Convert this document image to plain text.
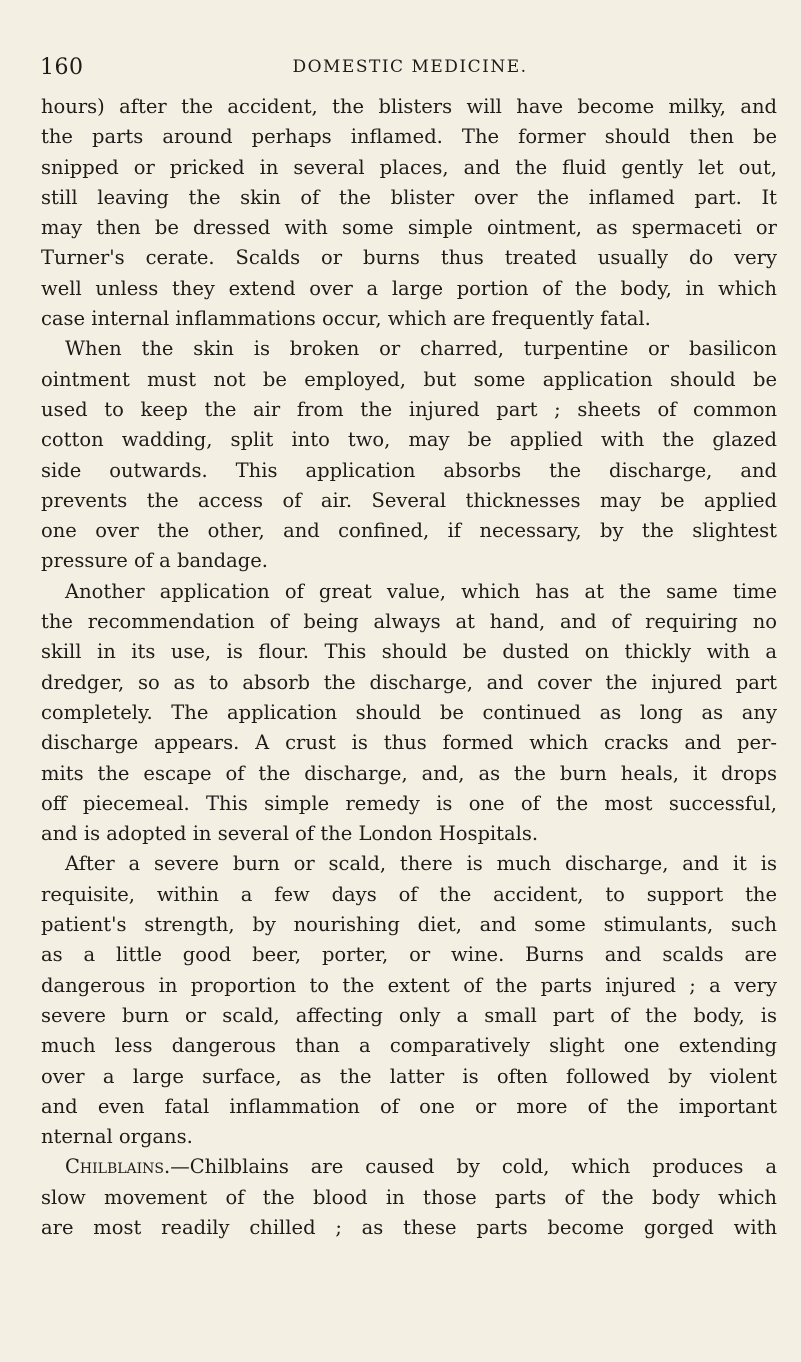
160	DOMESTIC MEDICINE.
hours) after the accident, the blisters will have become milky, and
the parts around perhaps inflamed. The former should then be
snipped or pricked in several places, and the fluid gently let out,
still leaving the skin of the blister over the inflamed part. It
may then be dressed with some simple ointment, as spermaceti or
Turner's cerate. Scalds or burns thus treated usually do very
well unless they extend over a large portion of the body, in which
case internal inflammations occur, which are frequently fatal.
When the skin is broken or charred, turpentine or basilicon
ointment must not be employed, but some application should be
used to keep the air from the injured part ; sheets of common
cotton wadding, split into two, may be applied with the glazed
side outwards. This application absorbs the discharge, and
prevents the access of air. Several thicknesses may be applied
one over the other, and confined, if necessary, by the slightest
pressure of a bandage.
Another application of great value, which has at the same time
the recommendation of being always at hand, and of requiring no
skill in its use, is flour. This should be dusted on thickly with a
dredger, so as to absorb the discharge, and cover the injured part
completely. The application should be continued as long as any
discharge appears. A crust is thus formed which cracks and per-
mits the escape of the discharge, and, as the burn heals, it drops
off piecemeal. This simple remedy is one of the most successful,
and is adopted in several of the London Hospitals.
After a severe burn or scald, there is much discharge, and it is
requisite, within a few days of the accident, to support the
patient's strength, by nourishing diet, and some stimulants, such
as a little good beer, porter, or wine. Burns and scalds are
dangerous in proportion to the extent of the parts injured ; a very
severe burn or scald, affecting only a small part of the body, is
much less dangerous than a comparatively slight one extending
over a large surface, as the latter is often followed by violent
and even fatal inflammation of one or more of the important
nternal organs.
Chilblains.—Chilblains are caused by cold, which produces a
slow movement of the blood in those parts of the body which
are most readily chilled ; as these parts become gorged with
